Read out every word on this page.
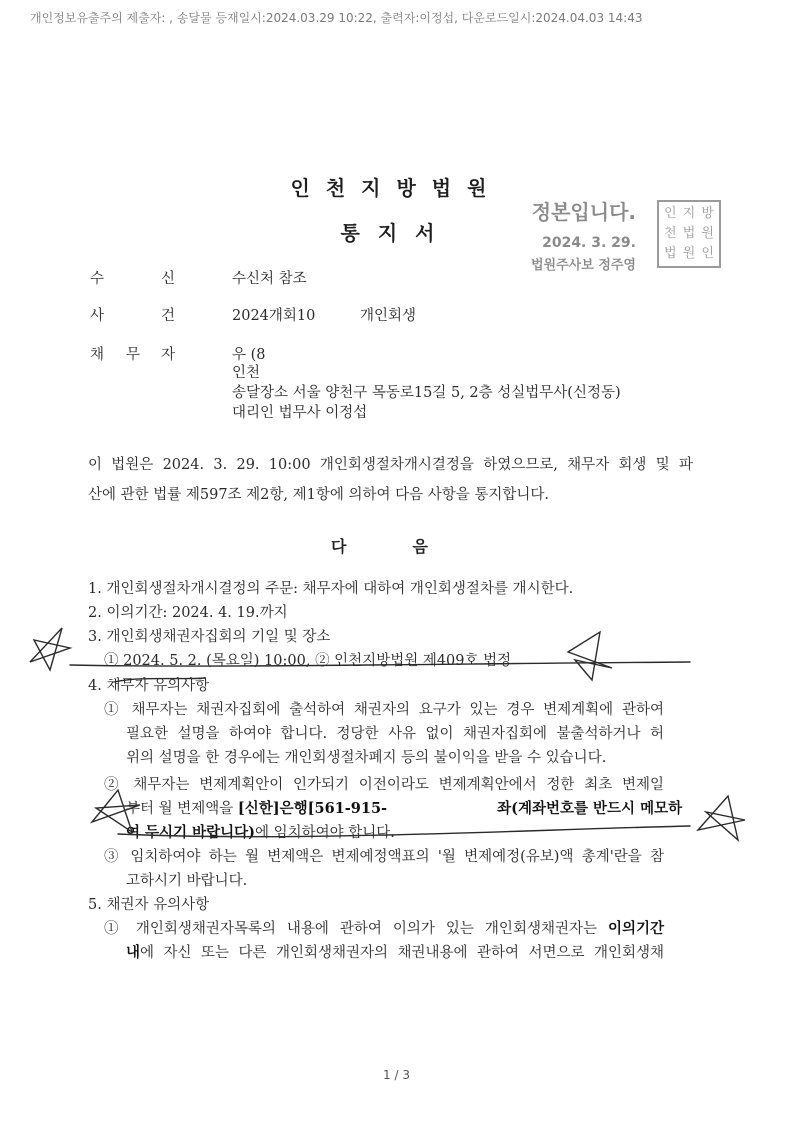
개인정보유출주의 제출자: , 송달물 등재일시:2024.03.29 10:22, 출력자:이정섭, 다운로드일시:2024.04.03 14:43
인천지방법원
통지서
정본입니다.
2024. 3. 29.
법원주사보 정주영
인 지 방
천 법 원
법 원 인
수	신	수신처 참조
사	건	2024개회10	개인회생
채 무 자	우 (8
인천
송달장소 서울 양천구 목동로15길 5, 2층 성실법무사(신정동)
대리인 법무사 이정섭
이 법원은 2024. 3. 29. 10:00 개인회생절차개시결정을 하였으므로, 채무자 회생 및 파
산에 관한 법률 제597조 제2항, 제1항에 의하여 다음 사항을 통지합니다.
다음
1. 개인회생절차개시결정의 주문: 채무자에 대하여 개인회생절차를 개시한다.
2. 이의기간: 2024. 4. 19.까지
3. 개인회생채권자집회의 기일 및 장소
① 2024. 5. 2. (목요일) 10:00, ② 인천지방법원 제409호 법정
4. 채무자 유의사항
① 채무자는 채권자집회에 출석하여 채권자의 요구가 있는 경우 변제계획에 관하여
필요한 설명을 하여야 합니다. 정당한 사유 없이 채권자집회에 불출석하거나 허
위의 설명을 한 경우에는 개인회생절차폐지 등의 불이익을 받을 수 있습니다.
② 채무자는 변제계획안이 인가되기 이전이라도 변제계획안에서 정한 최초 변제일
부터 월 변제액을 [신한]은행[561-915-	좌(계좌번호를 반드시 메모하
여 두시기 바랍니다)에 임치하여야 합니다.
③ 임치하여야 하는 월 변제액은 변제예정액표의 '월 변제예정(유보)액 총계'란을 참
고하시기 바랍니다.
5. 채권자 유의사항
① 개인회생채권자목록의 내용에 관하여 이의가 있는 개인회생채권자는 이의기간
내에 자신 또는 다른 개인회생채권자의 채권내용에 관하여 서면으로 개인회생채
1 / 3
